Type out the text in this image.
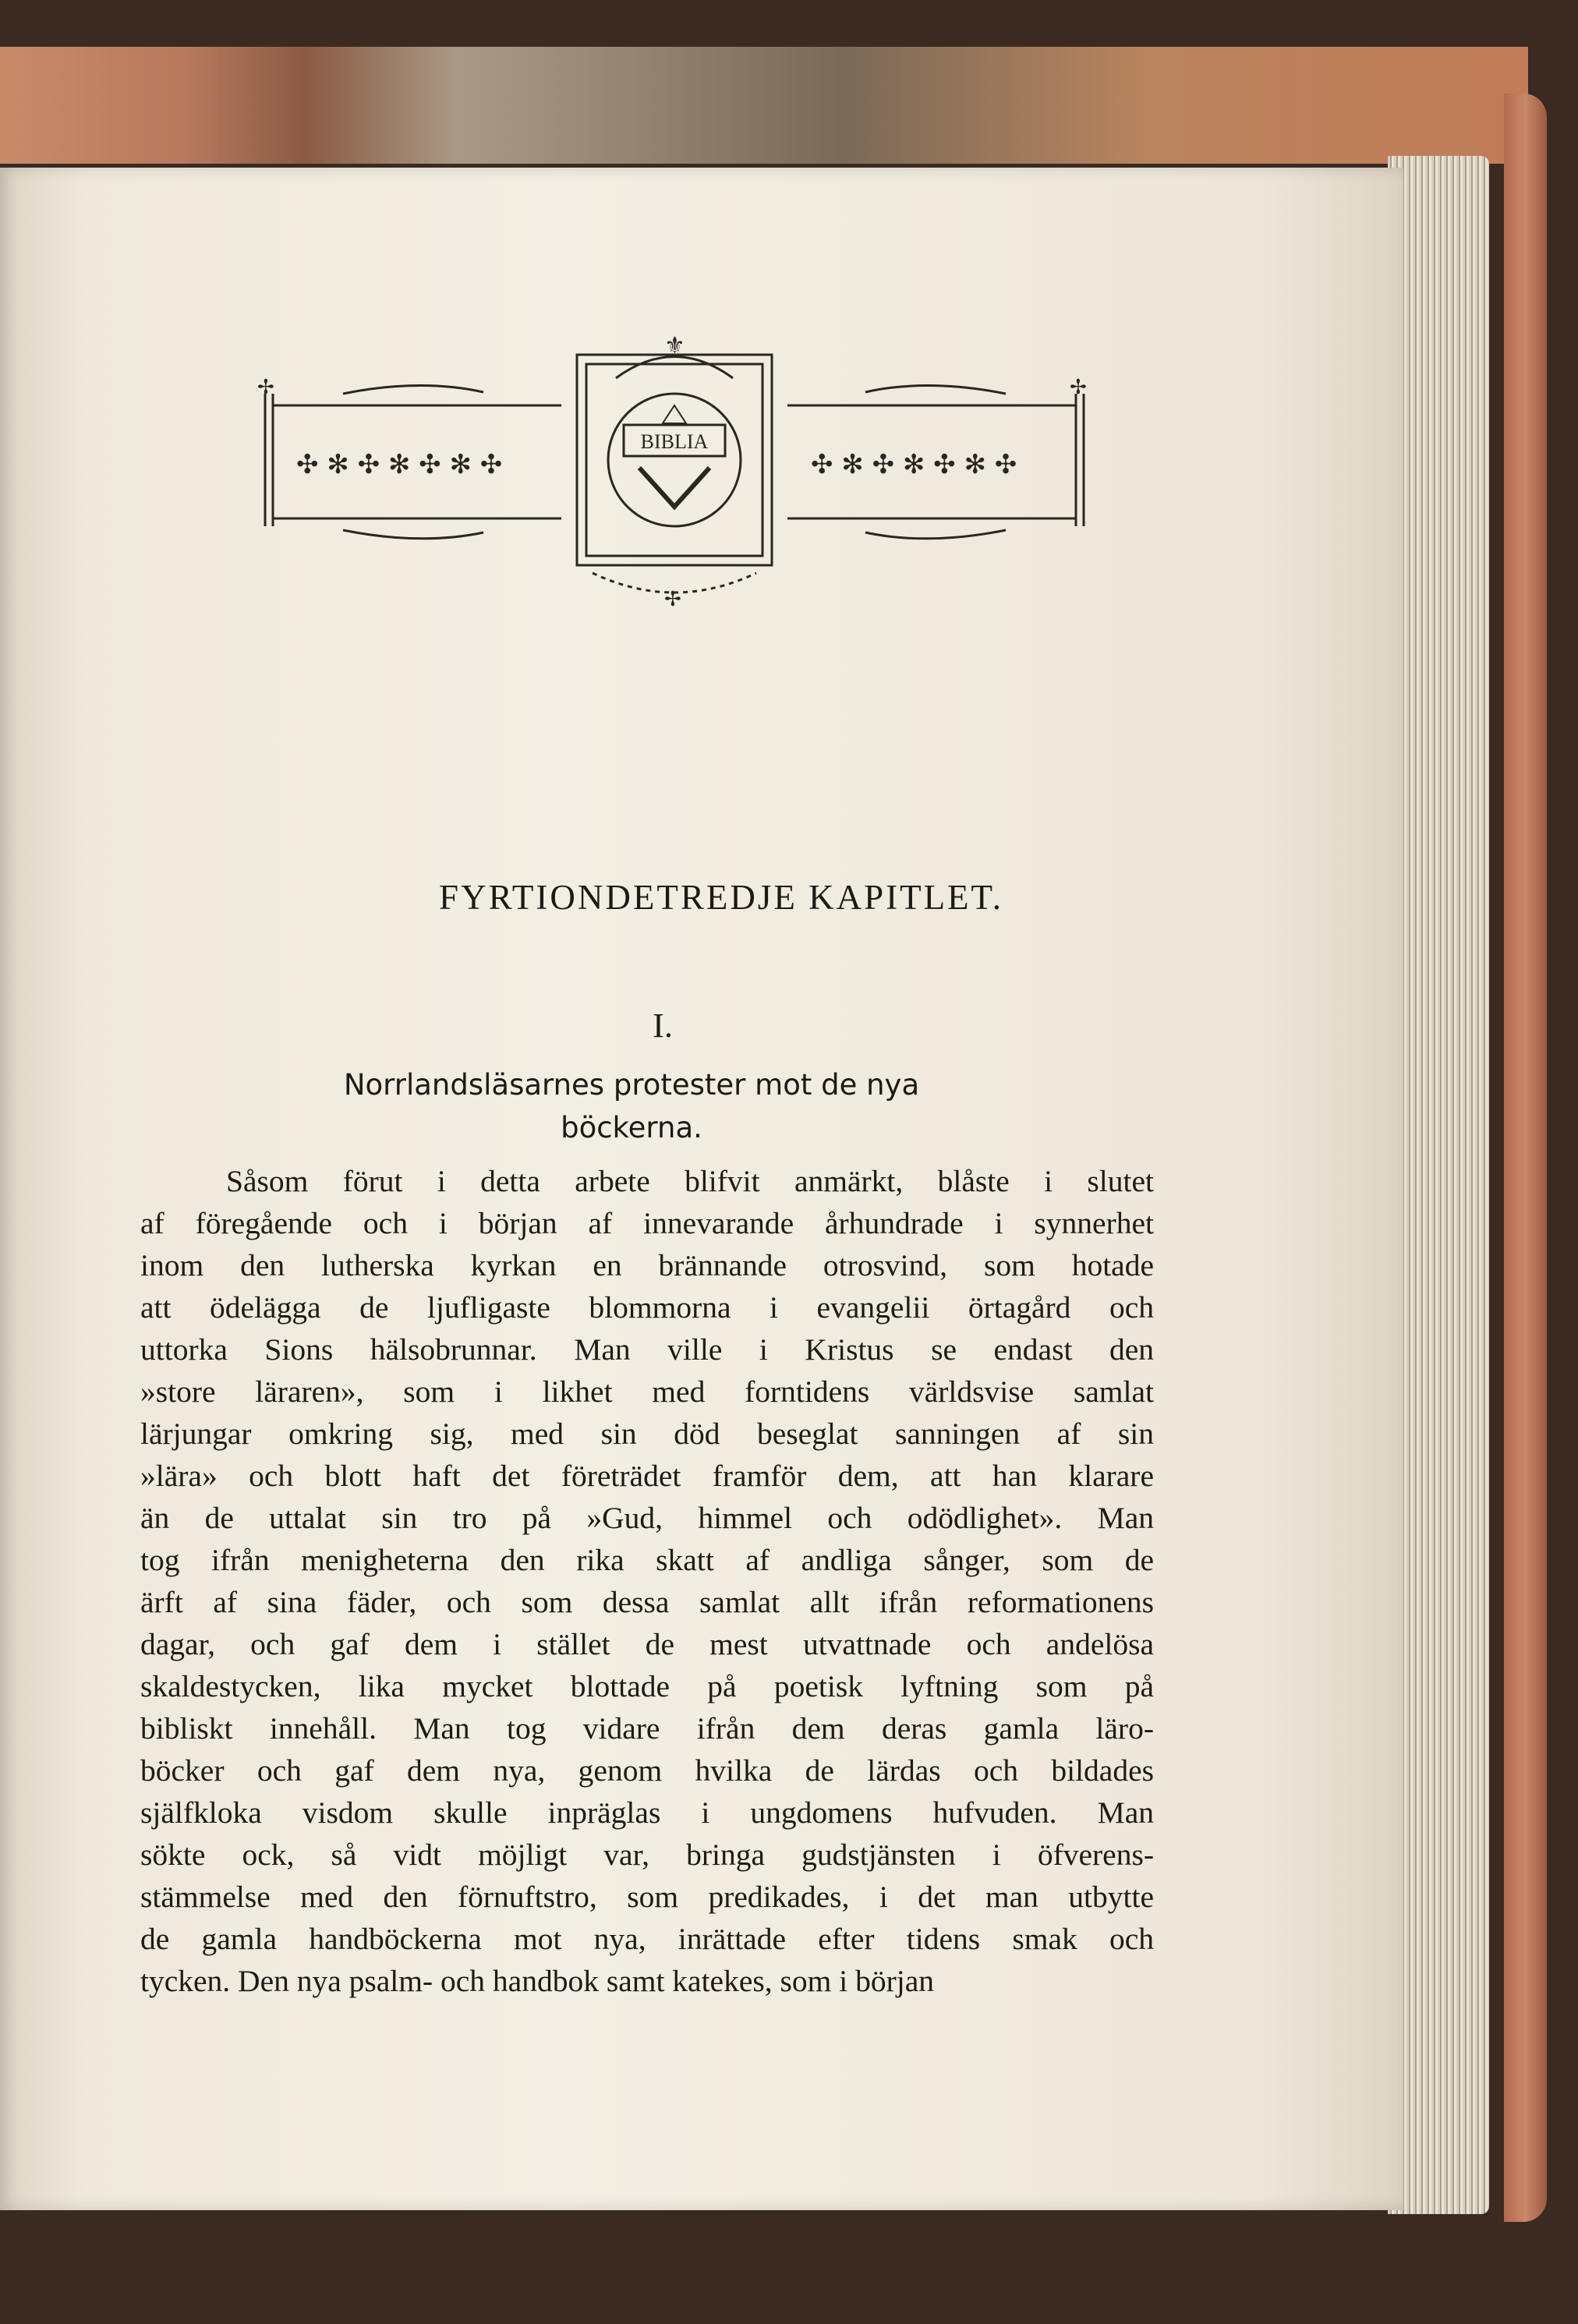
✣ ✻ ✣ ✻ ✣ ✻ ✣	✣ ✻ ✣ ✻ ✣ ✻ ✣
✢	✢
⚜
✢
BIBLIA
FYRTIONDETREDJE KAPITLET.
I.
Norrlandsläsarnes protester mot de nya
böckerna.
Såsom förut i detta arbete blifvit anmärkt, blåste i slutet
af föregående och i början af innevarande århundrade i synnerhet
inom den lutherska kyrkan en brännande otrosvind, som hotade
att ödelägga de ljufligaste blommorna i evangelii örtagård och
uttorka Sions hälsobrunnar. Man ville i Kristus se endast den
»store läraren», som i likhet med forntidens världsvise samlat
lärjungar omkring sig, med sin död beseglat sanningen af sin
»lära» och blott haft det företrädet framför dem, att han klarare
än de uttalat sin tro på »Gud, himmel och odödlighet». Man
tog ifrån menigheterna den rika skatt af andliga sånger, som de
ärft af sina fäder, och som dessa samlat allt ifrån reformationens
dagar, och gaf dem i stället de mest utvattnade och andelösa
skaldestycken, lika mycket blottade på poetisk lyftning som på
bibliskt innehåll. Man tog vidare ifrån dem deras gamla läro-
böcker och gaf dem nya, genom hvilka de lärdas och bildades
själfkloka visdom skulle inpräglas i ungdomens hufvuden. Man
sökte ock, så vidt möjligt var, bringa gudstjänsten i öfverens-
stämmelse med den förnuftstro, som predikades, i det man utbytte
de gamla handböckerna mot nya, inrättade efter tidens smak och
tycken. Den nya psalm- och handbok samt katekes, som i början
